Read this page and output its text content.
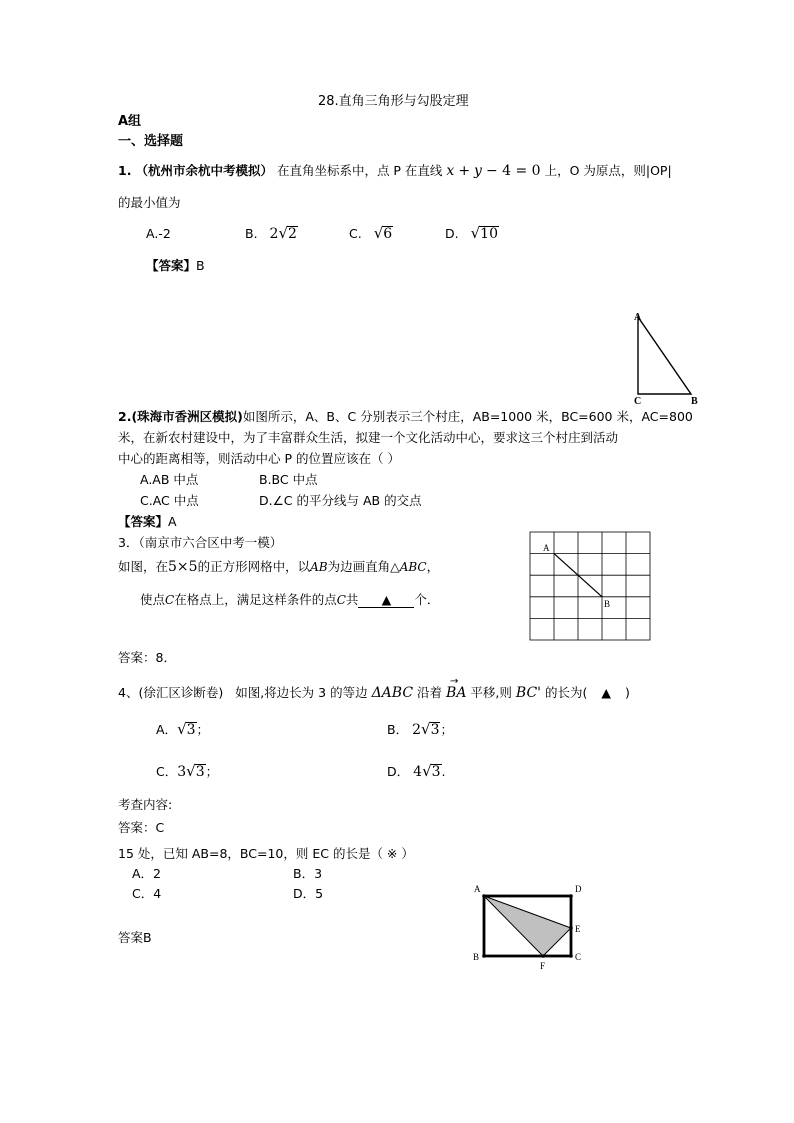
28.直角三角形与勾股定理
A组
一、选择题
1. （杭州市余杭中考模拟） 在直角坐标系中，点 P 在直线 x + y − 4 = 0 上，O 为原点，则|OP|
的最小值为
A.-2	B. 2√2	C. √6	D. √10
【答案】B
A
C	B
2.(珠海市香洲区模拟)如图所示，A、B、C 分别表示三个村庄，AB=1000 米，BC=600 米，AC=800
米，在新农村建设中，为了丰富群众生活，拟建一个文化活动中心，要求这三个村庄到活动
中心的距离相等，则活动中心 P 的位置应该在（ ）
A.AB 中点	B.BC 中点
C.AC 中点	D.∠C 的平分线与 AB 的交点
【答案】A
3．（南京市六合区中考一模）
如图，在5×5的正方形网格中，以AB为边画直角△ABC，
使点C在格点上，满足这样条件的点C共 ▲ 个．
答案：8．
A
B
4、(徐汇区诊断卷) 如图,将边长为 3 的等边 ΔABC 沿着
→
BA 平移,则 BC' 的长为( ▲ )
A．√3；	B． 2√3；
C．3√3；	D． 4√3.
考查内容:
答案：C
15 处，已知 AB=8，BC=10，则 EC 的长是（ ※ ）
A．2	B．3
C．4	D．5
答案B
A	D
B	C
E
F
